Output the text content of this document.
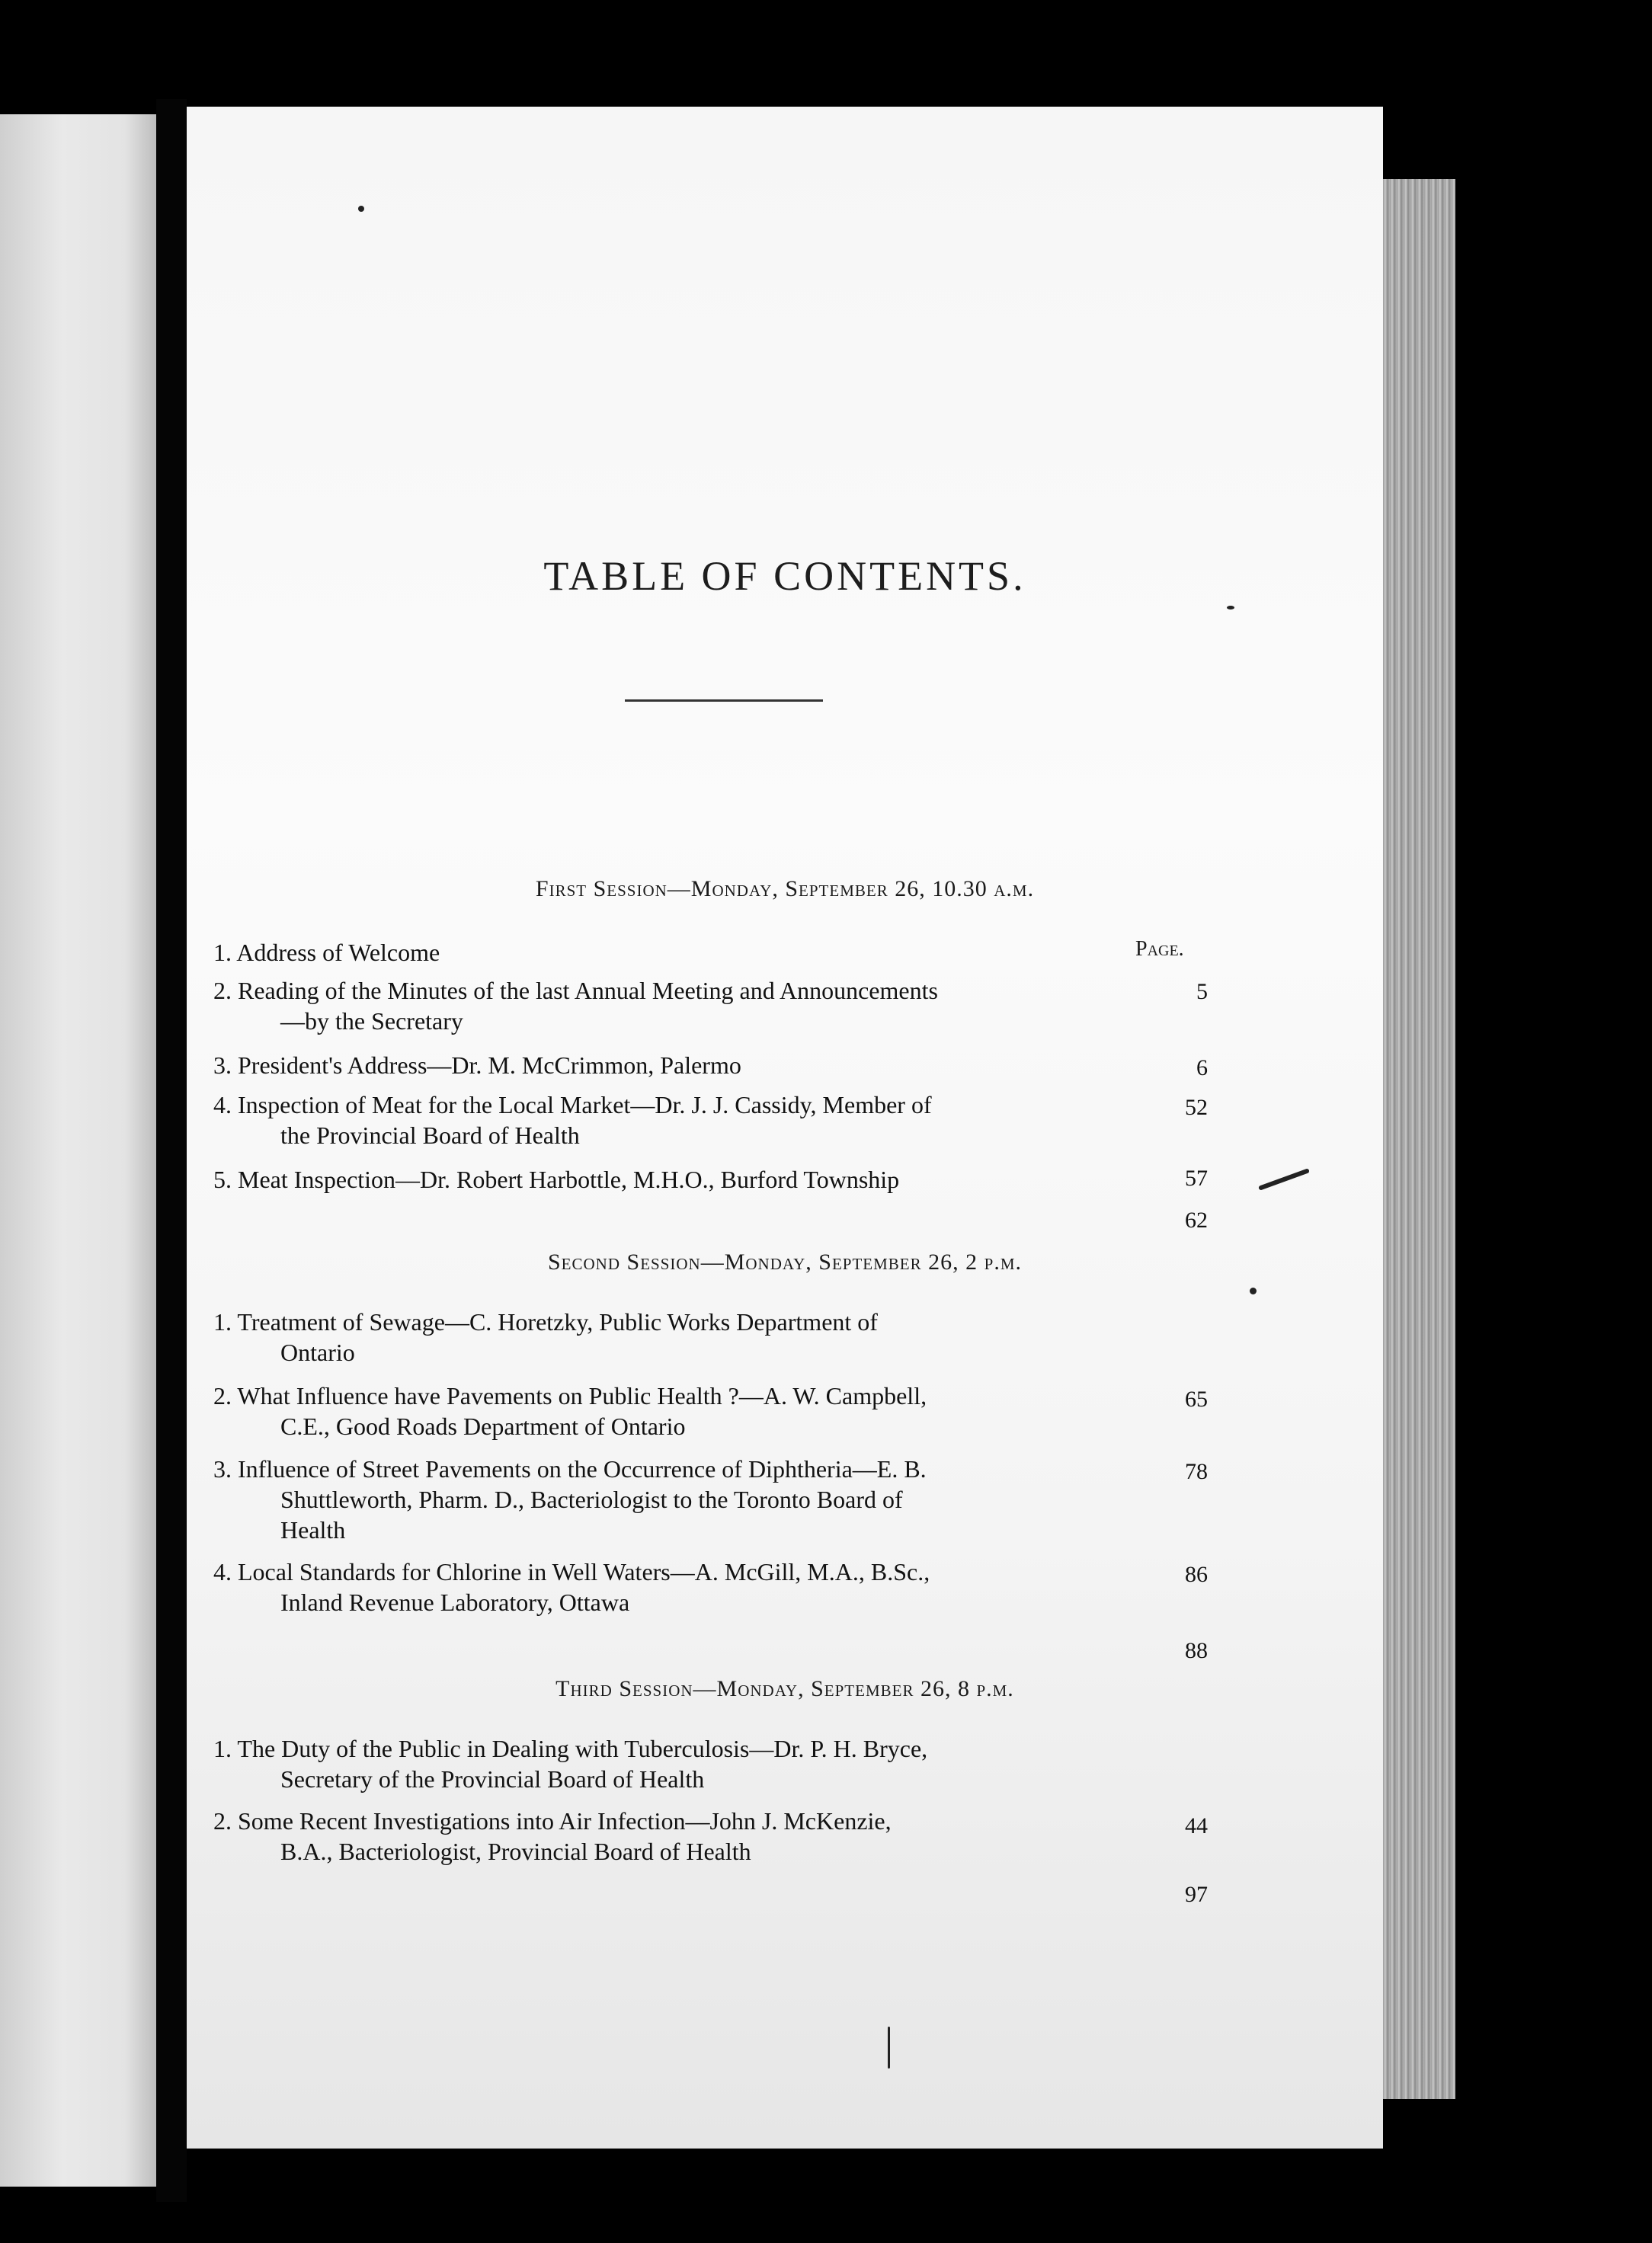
TABLE OF CONTENTS.
First Session—Monday, September 26, 10.30 a.m.
Page.
1. Address of Welcome
5
2. Reading of the Minutes of the last Annual Meeting and Announcements
—by the Secretary
6
3. President's Address—Dr. M. McCrimmon, Palermo
52
4. Inspection of Meat for the Local Market—Dr. J. J. Cassidy, Member of
the Provincial Board of Health
57
5. Meat Inspection—Dr. Robert Harbottle, M.H.O., Burford Township
62
Second Session—Monday, September 26, 2 p.m.
1. Treatment of Sewage—C. Horetzky, Public Works Department of
Ontario
65
2. What Influence have Pavements on Public Health ?—A. W. Campbell,
C.E., Good Roads Department of Ontario
78
3. Influence of Street Pavements on the Occurrence of Diphtheria—E. B.
Shuttleworth, Pharm. D., Bacteriologist to the Toronto Board of
Health
86
4. Local Standards for Chlorine in Well Waters—A. McGill, M.A., B.Sc.,
Inland Revenue Laboratory, Ottawa
88
Third Session—Monday, September 26, 8 p.m.
1. The Duty of the Public in Dealing with Tuberculosis—Dr. P. H. Bryce,
Secretary of the Provincial Board of Health
44
2. Some Recent Investigations into Air Infection—John J. McKenzie,
B.A., Bacteriologist, Provincial Board of Health
97
